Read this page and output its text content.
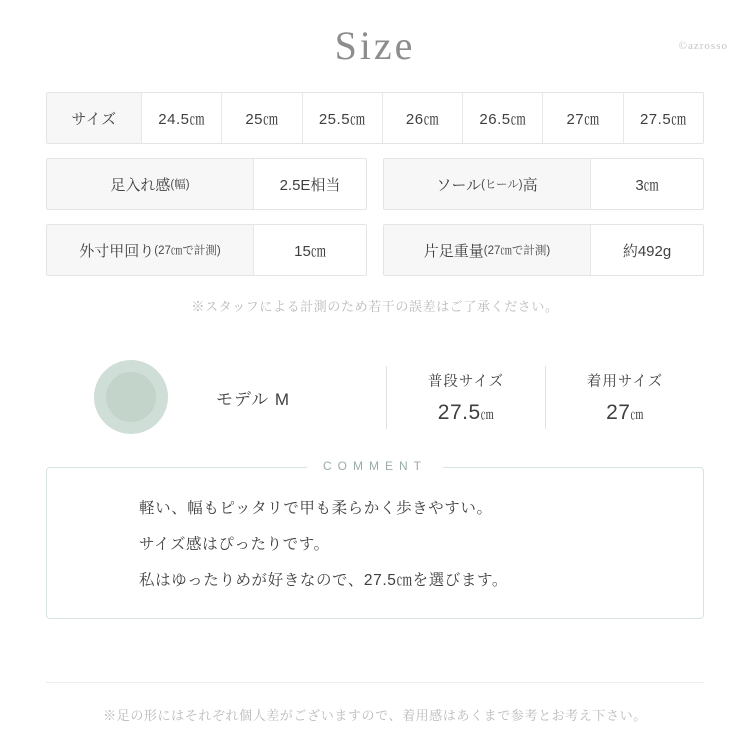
Size	©azrosso
サイズ	24.5㎝	25㎝	25.5㎝	26㎝	26.5㎝	27㎝	27.5㎝
足入れ感 (幅)	2.5E相当	ソール (ヒール) 高	3㎝
外寸甲回り (27㎝で計測)	15㎝	片足重量 (27㎝で計測)	約492g
※スタッフによる計測のため若干の誤差はご了承ください。
モデル M
普段サイズ
27.5㎝
着用サイズ
27㎝
COMMENT

軽い、幅もピッタリで甲も柔らかく歩きやすい。

サイズ感はぴったりです。

私はゆったりめが好きなので、27.5㎝を選びます。

※足の形にはそれぞれ個人差がございますので、着用感はあくまで参考とお考え下さい。
